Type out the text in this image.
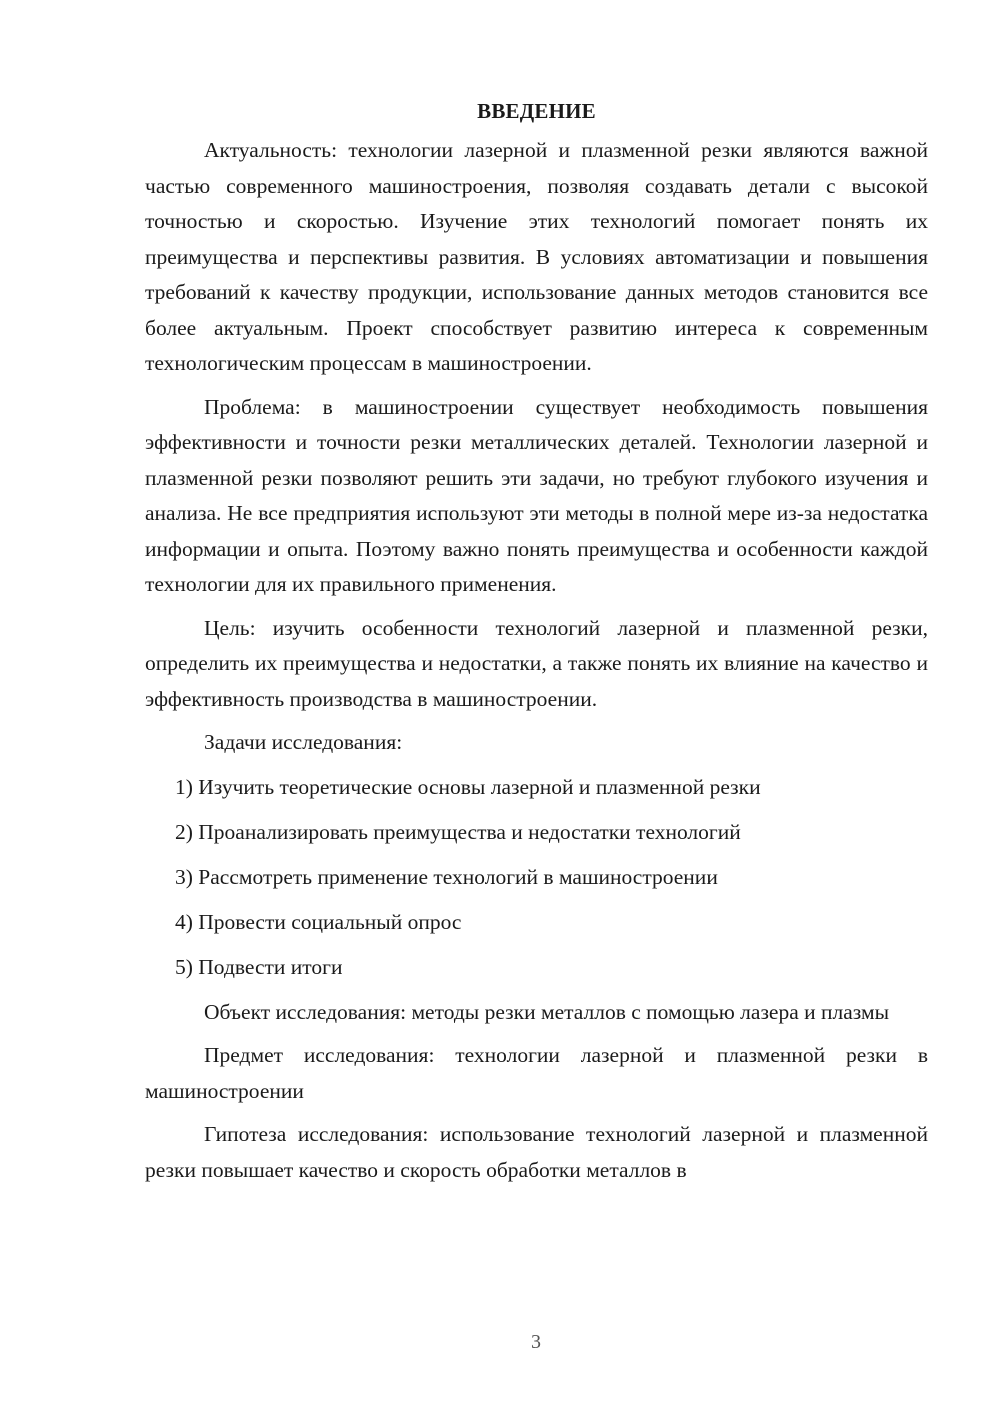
ВВЕДЕНИЕ

Актуальность: технологии лазерной и плазменной резки являются важной частью современного машиностроения, позволяя создавать детали с высокой точностью и скоростью. Изучение этих технологий помогает понять их преимущества и перспективы развития. В условиях автоматизации и повышения требований к качеству продукции, использование данных методов становится все более актуальным. Проект способствует развитию интереса к современным технологическим процессам в машиностроении.

Проблема: в машиностроении существует необходимость повышения эффективности и точности резки металлических деталей. Технологии лазерной и плазменной резки позволяют решить эти задачи, но требуют глубокого изучения и анализа. Не все предприятия используют эти методы в полной мере из-за недостатка информации и опыта. Поэтому важно понять преимущества и особенности каждой технологии для их правильного применения.

Цель: изучить особенности технологий лазерной и плазменной резки, определить их преимущества и недостатки, а также понять их влияние на качество и эффективность производства в машиностроении.

Задачи исследования:
1) Изучить теоретические основы лазерной и плазменной резки
2) Проанализировать преимущества и недостатки технологий
3) Рассмотреть применение технологий в машиностроении
4) Провести социальный опрос
5) Подвести итоги

Объект исследования: методы резки металлов с помощью лазера и плазмы

Предмет исследования: технологии лазерной и плазменной резки в машиностроении

Гипотеза исследования: использование технологий лазерной и плазменной резки повышает качество и скорость обработки металлов в

3
